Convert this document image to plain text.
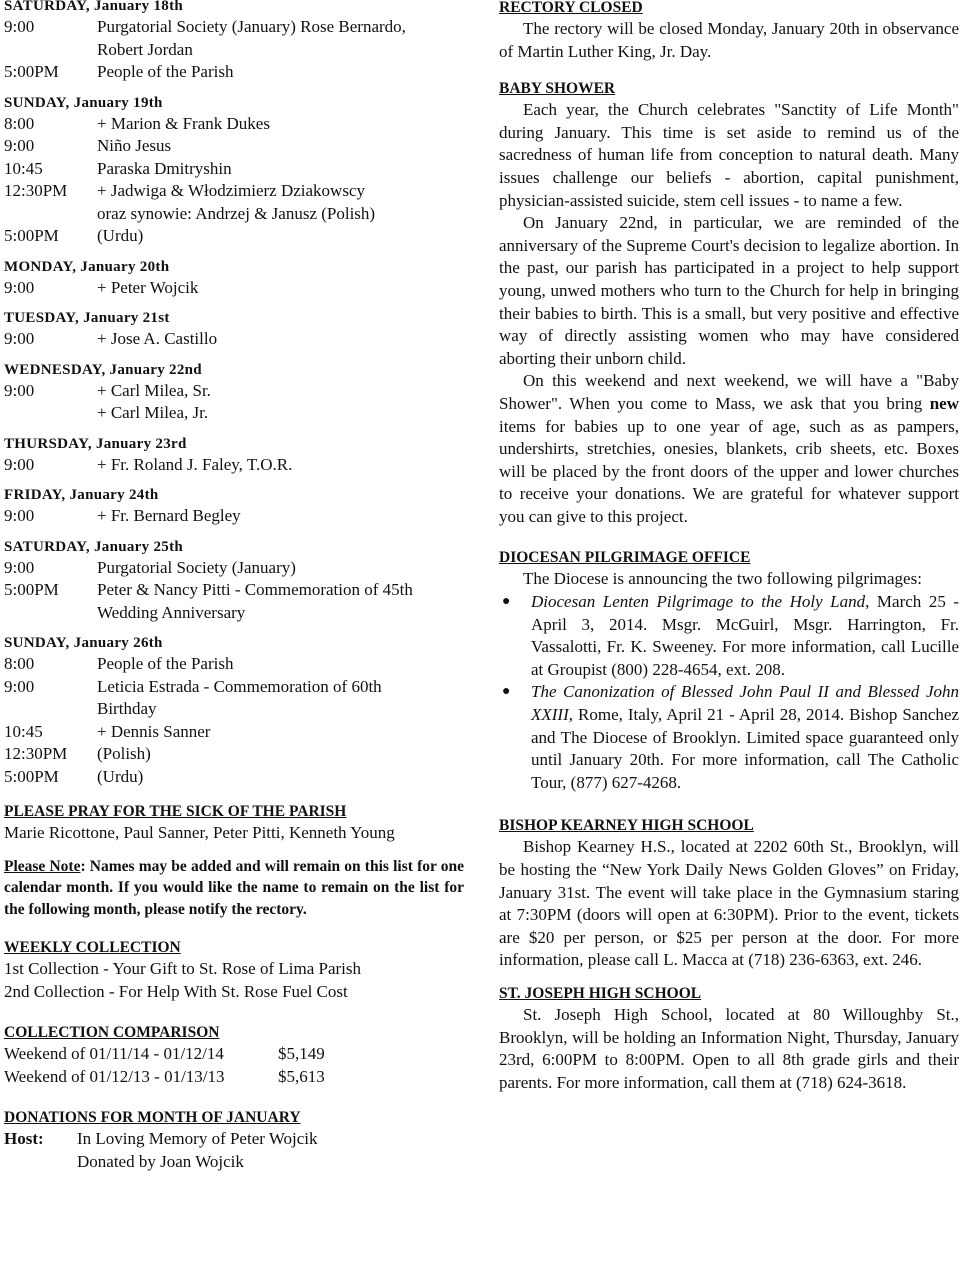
SATURDAY, January 18th
9:00	Purgatorial Society (January) Rose Bernardo,
Robert Jordan
5:00PM	People of the Parish
SUNDAY, January 19th
8:00	+ Marion & Frank Dukes
9:00	Niño Jesus
10:45	Paraska Dmitryshin
12:30PM	+ Jadwiga & Włodzimierz Dziakowscy
oraz synowie: Andrzej & Janusz (Polish)
5:00PM	(Urdu)
MONDAY, January 20th
9:00	+ Peter Wojcik
TUESDAY, January 21st
9:00	+ Jose A. Castillo
WEDNESDAY, January 22nd
9:00	+ Carl Milea, Sr.
+ Carl Milea, Jr.
THURSDAY, January 23rd
9:00	+ Fr. Roland J. Faley, T.O.R.
FRIDAY, January 24th
9:00	+ Fr. Bernard Begley
SATURDAY, January 25th
9:00	Purgatorial Society (January)
5:00PM	Peter & Nancy Pitti - Commemoration of 45th
Wedding Anniversary
SUNDAY, January 26th
8:00	People of the Parish
9:00	Leticia Estrada - Commemoration of 60th
Birthday
10:45	+ Dennis Sanner
12:30PM	(Polish)
5:00PM	(Urdu)
PLEASE PRAY FOR THE SICK OF THE PARISH
Marie Ricottone, Paul Sanner, Peter Pitti, Kenneth Young
Please Note: Names may be added and will remain on this list for one calendar month. If you would like the name to remain on the list for the following month, please notify the rectory.
WEEKLY COLLECTION
1st Collection - Your Gift to St. Rose of Lima Parish
2nd Collection - For Help With St. Rose Fuel Cost
COLLECTION COMPARISON
Weekend of 01/11/14 - 01/12/14	$5,149
Weekend of 01/12/13 - 01/13/13	$5,613
DONATIONS FOR MONTH OF JANUARY
Host:	In Loving Memory of Peter Wojcik
Donated by Joan Wojcik
RECTORY CLOSED

The rectory will be closed Monday, January 20th in observance of Martin Luther King, Jr. Day.

BABY SHOWER

Each year, the Church celebrates "Sanctity of Life Month" during January. This time is set aside to remind us of the sacredness of human life from conception to natural death. Many issues challenge our beliefs - abortion, capital punishment, physician-assisted suicide, stem cell issues - to name a few.

On January 22nd, in particular, we are reminded of the anniversary of the Supreme Court's decision to legalize abortion. In the past, our parish has participated in a project to help support young, unwed mothers who turn to the Church for help in bringing their babies to birth. This is a small, but very positive and effective way of directly assisting women who may have considered aborting their unborn child.

On this weekend and next weekend, we will have a "Baby Shower". When you come to Mass, we ask that you bring new items for babies up to one year of age, such as as pampers, undershirts, stretchies, onesies, blankets, crib sheets, etc. Boxes will be placed by the front doors of the upper and lower churches to receive your donations. We are grateful for whatever support you can give to this project.

DIOCESAN PILGRIMAGE OFFICE

The Diocese is announcing the two following pilgrimages:

● Diocesan Lenten Pilgrimage to the Holy Land, March 25 - April 3, 2014. Msgr. McGuirl, Msgr. Harrington, Fr. Vassalotti, Fr. K. Sweeney. For more information, call Lucille at Groupist (800) 228-4654, ext. 208.
● The Canonization of Blessed John Paul II and Blessed John XXIII, Rome, Italy, April 21 - April 28, 2014. Bishop Sanchez and The Diocese of Brooklyn. Limited space guaranteed only until January 20th. For more information, call The Catholic Tour, (877) 627-4268.
BISHOP KEARNEY HIGH SCHOOL

Bishop Kearney H.S., located at 2202 60th St., Brooklyn, will be hosting the “New York Daily News Golden Gloves” on Friday, January 31st. The event will take place in the Gymnasium staring at 7:30PM (doors will open at 6:30PM). Prior to the event, tickets are $20 per person, or $25 per person at the door. For more information, please call L. Macca at (718) 236-6363, ext. 246.

ST. JOSEPH HIGH SCHOOL

St. Joseph High School, located at 80 Willoughby St., Brooklyn, will be holding an Information Night, Thursday, January 23rd, 6:00PM to 8:00PM. Open to all 8th grade girls and their parents. For more information, call them at (718) 624-3618.
